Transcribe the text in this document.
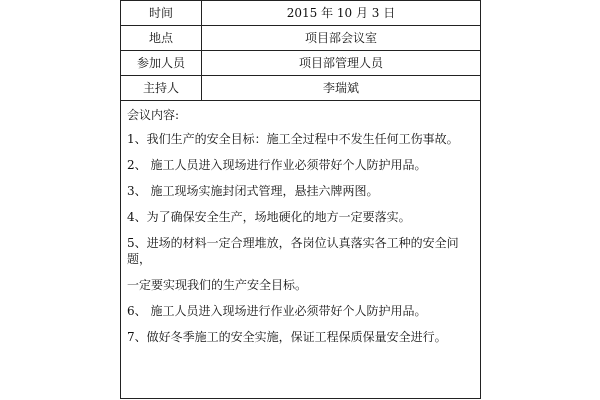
时间	2015 年 10 月 3 日
地点	项目部会议室
参加人员	项目部管理人员
主持人	李瑞斌

会议内容:

1、我们生产的安全目标：施工全过程中不发生任何工伤事故。

2、 施工人员进入现场进行作业必须带好个人防护用品。

3、 施工现场实施封闭式管理，悬挂六牌两图。

4、为了确保安全生产，场地硬化的地方一定要落实。

5、进场的材料一定合理堆放，各岗位认真落实各工种的安全问题，

一定要实现我们的生产安全目标。

6、 施工人员进入现场进行作业必须带好个人防护用品。

7、做好冬季施工的安全实施，保证工程保质保量安全进行。
